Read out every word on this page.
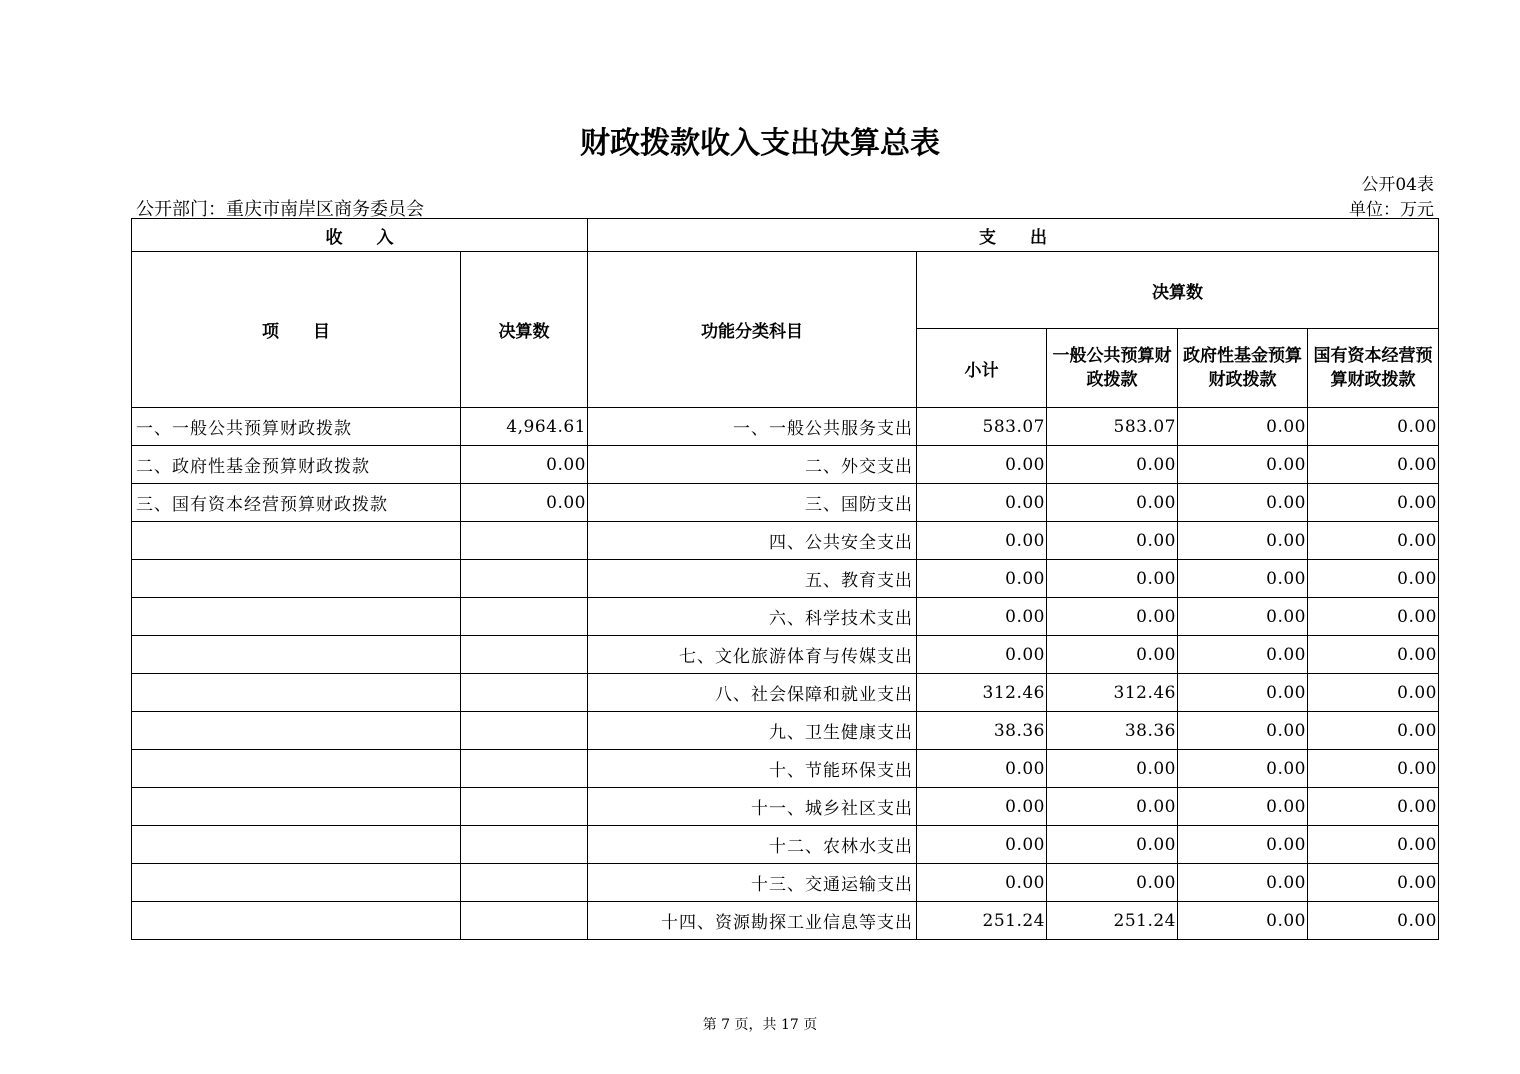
财政拨款收入支出决算总表
公开04表
公开部门：重庆市南岸区商务委员会	单位：万元
收　　入		支　　出				
项　　目	决算数	功能分类科目	决算数			
			小计	一般公共预算财政拨款	政府性基金预算财政拨款	国有资本经营预算财政拨款
一、一般公共预算财政拨款	4,964.61	一、一般公共服务支出	583.07	583.07	0.00	0.00
二、政府性基金预算财政拨款	0.00	二、外交支出	0.00	0.00	0.00	0.00
三、国有资本经营预算财政拨款	0.00	三、国防支出	0.00	0.00	0.00	0.00
		四、公共安全支出	0.00	0.00	0.00	0.00
		五、教育支出	0.00	0.00	0.00	0.00
		六、科学技术支出	0.00	0.00	0.00	0.00
		七、文化旅游体育与传媒支出	0.00	0.00	0.00	0.00
		八、社会保障和就业支出	312.46	312.46	0.00	0.00
		九、卫生健康支出	38.36	38.36	0.00	0.00
		十、节能环保支出	0.00	0.00	0.00	0.00
		十一、城乡社区支出	0.00	0.00	0.00	0.00
		十二、农林水支出	0.00	0.00	0.00	0.00
		十三、交通运输支出	0.00	0.00	0.00	0.00
		十四、资源勘探工业信息等支出	251.24	251.24	0.00	0.00
第 7 页，共 17 页
